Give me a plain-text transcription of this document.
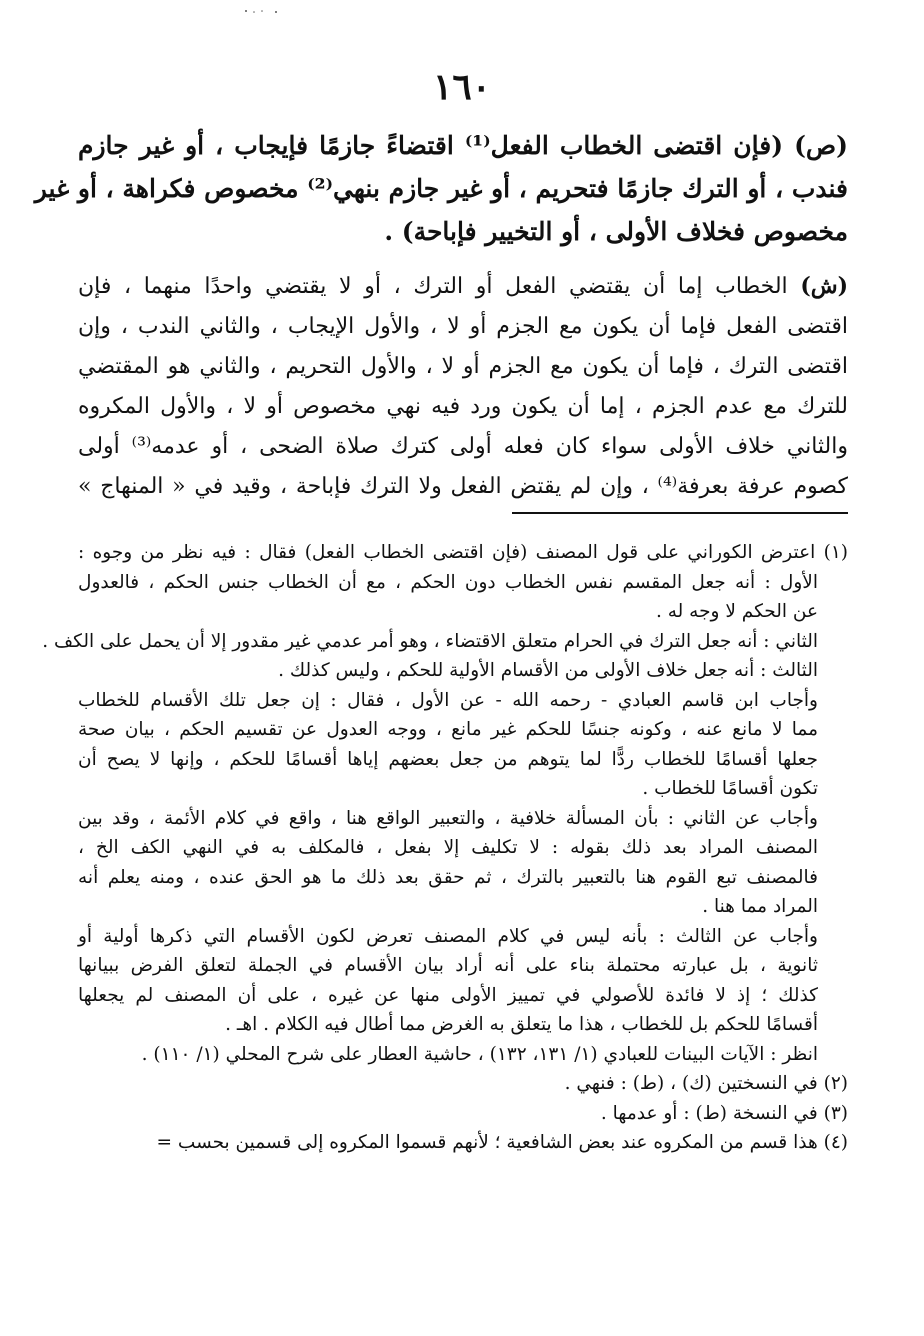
١٦٠
(ص) (فإن اقتضى الخطاب الفعل⁽¹⁾ اقتضاءً جازمًا فإيجاب ، أو غير جازم
فندب ، أو الترك جازمًا فتحريم ، أو غير جازم بنهي⁽²⁾ مخصوص فكراهة ، أو غير
مخصوص فخلاف الأولى ، أو التخيير فإباحة) .
(ش) الخطاب إما أن يقتضي الفعل أو الترك ، أو لا يقتضي واحدًا منهما ، فإن
اقتضى الفعل فإما أن يكون مع الجزم أو لا ، والأول الإيجاب ، والثاني الندب ، وإن
اقتضى الترك ، فإما أن يكون مع الجزم أو لا ، والأول التحريم ، والثاني هو المقتضي
للترك مع عدم الجزم ، إما أن يكون ورد فيه نهي مخصوص أو لا ، والأول المكروه
والثاني خلاف الأولى سواء كان فعله أولى كترك صلاة الضحى ، أو عدمه⁽³⁾ أولى
كصوم عرفة بعرفة⁽⁴⁾ ، وإن لم يقتض الفعل ولا الترك فإباحة ، وقيد في « المنهاج »
(١) اعترض الكوراني على قول المصنف (فإن اقتضى الخطاب الفعل) فقال : فيه نظر من وجوه :
الأول : أنه جعل المقسم نفس الخطاب دون الحكم ، مع أن الخطاب جنس الحكم ، فالعدول
عن الحكم لا وجه له .
الثاني : أنه جعل الترك في الحرام متعلق الاقتضاء ، وهو أمر عدمي غير مقدور إلا أن يحمل على الكف .
الثالث : أنه جعل خلاف الأولى من الأقسام الأولية للحكم ، وليس كذلك .
وأجاب ابن قاسم العبادي - رحمه الله - عن الأول ، فقال : إن جعل تلك الأقسام للخطاب
مما لا مانع عنه ، وكونه جنسًا للحكم غير مانع ، ووجه العدول عن تقسيم الحكم ، بيان صحة
جعلها أقسامًا للخطاب ردًّا لما يتوهم من جعل بعضهم إياها أقسامًا للحكم ، وإنها لا يصح أن
تكون أقسامًا للخطاب .
وأجاب عن الثاني : بأن المسألة خلافية ، والتعبير الواقع هنا ، واقع في كلام الأئمة ، وقد بين
المصنف المراد بعد ذلك بقوله : لا تكليف إلا بفعل ، فالمكلف به في النهي الكف الخ ،
فالمصنف تبع القوم هنا بالتعبير بالترك ، ثم حقق بعد ذلك ما هو الحق عنده ، ومنه يعلم أنه
المراد مما هنا .
وأجاب عن الثالث : بأنه ليس في كلام المصنف تعرض لكون الأقسام التي ذكرها أولية أو
ثانوية ، بل عبارته محتملة بناء على أنه أراد بيان الأقسام في الجملة لتعلق الفرض ببيانها
كذلك ؛ إذ لا فائدة للأصولي في تمييز الأولى منها عن غيره ، على أن المصنف لم يجعلها
أقسامًا للحكم بل للخطاب ، هذا ما يتعلق به الغرض مما أطال فيه الكلام . اهـ .
انظر : الآيات البينات للعبادي (١/ ١٣١، ١٣٢) ، حاشية العطار على شرح المحلي (١/ ١١٠) .
(٢) في النسختين (ك) ، (ط) : فنهي .
(٣) في النسخة (ط) : أو عدمها .
(٤) هذا قسم من المكروه عند بعض الشافعية ؛ لأنهم قسموا المكروه إلى قسمين بحسب =
